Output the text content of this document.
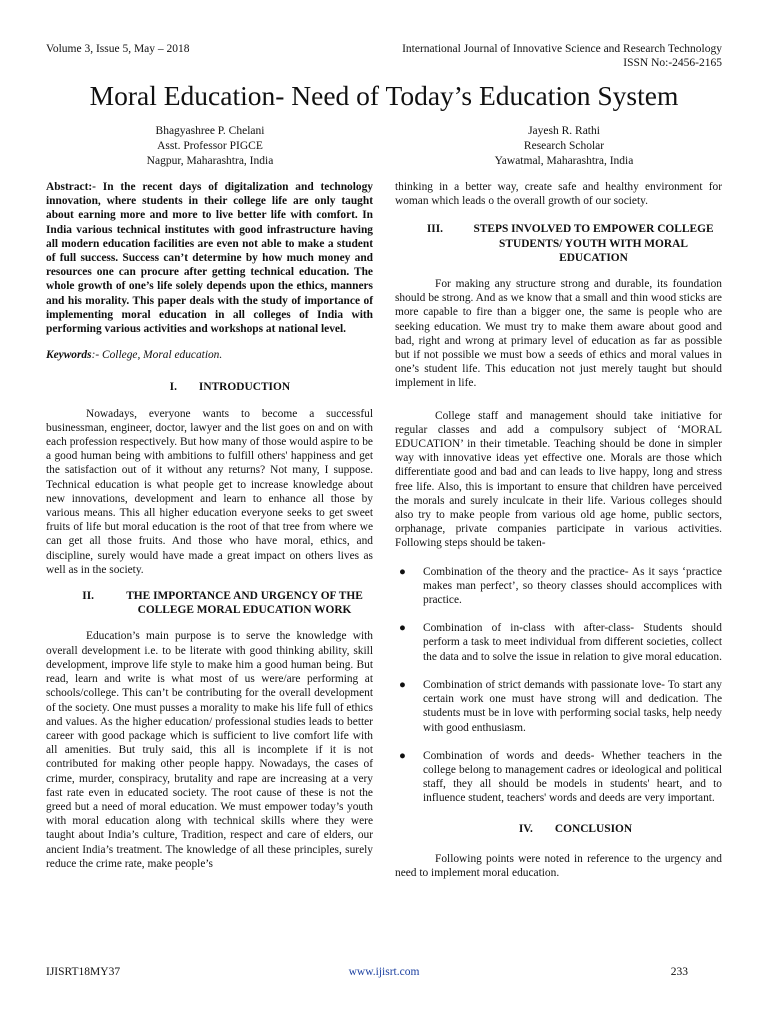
Volume 3, Issue 5, May – 2018	International Journal of Innovative Science and Research Technology
ISSN No:-2456-2165
Moral Education- Need of Today’s Education System
Bhagyashree P. Chelani
Asst. Professor PIGCE
Nagpur, Maharashtra, India
Jayesh R. Rathi
Research Scholar
Yawatmal, Maharashtra, India

Abstract:- In the recent days of digitalization and technology innovation, where students in their college life are only taught about earning more and more to live better life with comfort. In India various technical institutes with good infrastructure having all modern education facilities are even not able to make a student of full success. Success can’t determine by how much money and resources one can procure after getting technical education. The whole growth of one’s life solely depends upon the ethics, manners and his morality. This paper deals with the study of importance of implementing moral education in all colleges of India with performing various activities and workshops at national level.

Keywords:- College, Moral education.

I.	INTRODUCTION

Nowadays, everyone wants to become a successful businessman, engineer, doctor, lawyer and the list goes on and on with each profession respectively. But how many of those would aspire to be a good human being with ambitions to fulfill others' happiness and get the satisfaction out of it without any returns? Not many, I suppose. Technical education is what people get to increase knowledge about new innovations, development and learn to enhance all those by various means. This all higher education everyone seeks to get sweet fruits of life but moral education is the root of that tree from where we can get all those fruits. And those who have moral, ethics, and discipline, surely would have made a great impact on others lives as well as in the society.

II.	THE IMPORTANCE AND URGENCY OF THE COLLEGE MORAL EDUCATION WORK

Education’s main purpose is to serve the knowledge with overall development i.e. to be literate with good thinking ability, skill development, improve life style to make him a good human being. But read, learn and write is what most of us were/are performing at schools/college. This can’t be contributing for the overall development of the society. One must pusses a morality to make his life full of ethics and values. As the higher education/ professional studies leads to better career with good package which is sufficient to live comfort life with all amenities. But truly said, this all is incomplete if it is not contributed for making other people happy. Nowadays, the cases of crime, murder, conspiracy, brutality and rape are increasing at a very fast rate even in educated society. The root cause of these is not the greed but a need of moral education. We must empower today’s youth with moral education along with technical skills where they were taught about India’s culture, Tradition, respect and care of elders, our ancient India’s treatment. The knowledge of all these principles, surely reduce the crime rate, make people’s

thinking in a better way, create safe and healthy environment for woman which leads o the overall growth of our society.

III.	STEPS INVOLVED TO EMPOWER COLLEGE STUDENTS/ YOUTH WITH MORAL EDUCATION

For making any structure strong and durable, its foundation should be strong. And as we know that a small and thin wood sticks are more capable to fire than a bigger one, the same is people who are seeking education. We must try to make them aware about good and bad, right and wrong at primary level of education as far as possible but if not possible we must bow a seeds of ethics and moral values in one’s student life. This education not just merely taught but should implement in life.

College staff and management should take initiative for regular classes and add a compulsory subject of ‘MORAL EDUCATION’ in their timetable. Teaching should be done in simpler way with innovative ideas yet effective one. Morals are those which differentiate good and bad and can leads to live happy, long and stress free life. Also, this is important to ensure that children have perceived the morals and surely inculcate in their life. Various colleges should also try to make people from various old age home, public sectors, orphanage, private companies participate in various activities. Following steps should be taken-

●	Combination of the theory and the practice- As it says ‘practice makes man perfect’, so theory classes should accomplices with practice.
●	Combination of in-class with after-class- Students should perform a task to meet individual from different societies, collect the data and to solve the issue in relation to give moral education.
●	Combination of strict demands with passionate love- To start any certain work one must have strong will and dedication. The students must be in love with performing social tasks, help needy with good enthusiasm.
●	Combination of words and deeds- Whether teachers in the college belong to management cadres or ideological and political staff, they all should be models in students' heart, and to influence student, teachers' words and deeds are very important.
IV.	CONCLUSION

Following points were noted in reference to the urgency and need to implement moral education.

IJISRT18MY37	www.ijisrt.com	233
